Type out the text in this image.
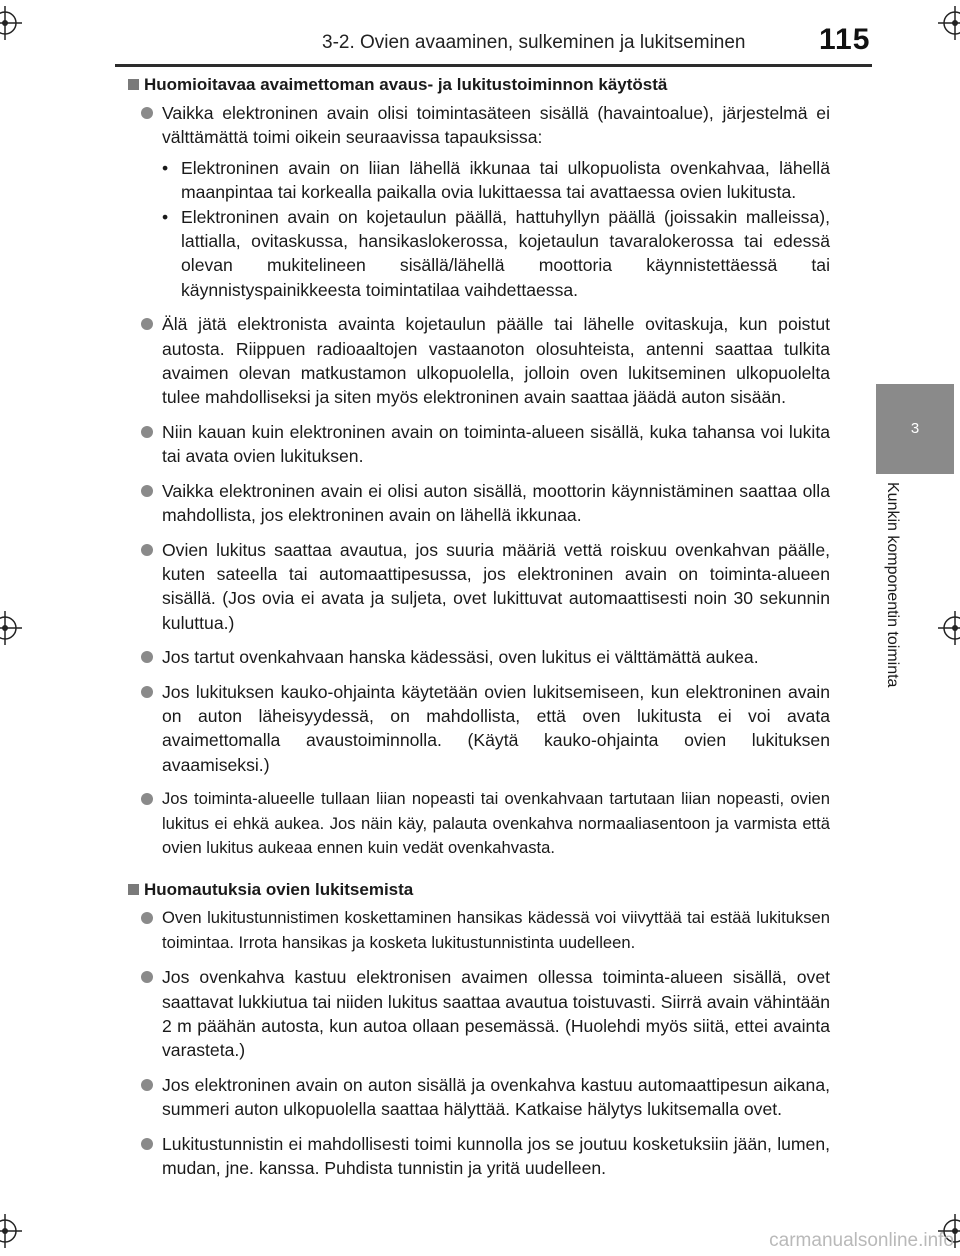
3-2. Ovien avaaminen, sulkeminen ja lukitseminen 115
3
Kunkin komponentin toiminta
Huomioitavaa avaimettoman avaus- ja lukitustoiminnon käytöstä
Vaikka elektroninen avain olisi toimintasäteen sisällä (havaintoalue), järjestelmä ei välttämättä toimi oikein seuraavissa tapauksissa:
• Elektroninen avain on liian lähellä ikkunaa tai ulkopuolista ovenkahvaa, lähellä maanpintaa tai korkealla paikalla ovia lukittaessa tai avattaessa ovien lukitusta.
• Elektroninen avain on kojetaulun päällä, hattuhyllyn päällä (joissakin malleissa), lattialla, ovitaskussa, hansikaslokerossa, kojetaulun tavaralokerossa tai edessä olevan mukitelineen sisällä/lähellä moottoria käynnistettäessä tai käynnistyspainikkeesta toimintatilaa vaihdettaessa.
Älä jätä elektronista avainta kojetaulun päälle tai lähelle ovitaskuja, kun poistut autosta. Riippuen radioaaltojen vastaanoton olosuhteista, antenni saattaa tulkita avaimen olevan matkustamon ulkopuolella, jolloin oven lukitseminen ulkopuolelta tulee mahdolliseksi ja siten myös elektroninen avain saattaa jäädä auton sisään.
Niin kauan kuin elektroninen avain on toiminta-alueen sisällä, kuka tahansa voi lukita tai avata ovien lukituksen.
Vaikka elektroninen avain ei olisi auton sisällä, moottorin käynnistäminen saattaa olla mahdollista, jos elektroninen avain on lähellä ikkunaa.
Ovien lukitus saattaa avautua, jos suuria määriä vettä roiskuu ovenkahvan päälle, kuten sateella tai automaattipesussa, jos elektroninen avain on toiminta-alueen sisällä. (Jos ovia ei avata ja suljeta, ovet lukittuvat automaattisesti noin 30 sekunnin kuluttua.)
Jos tartut ovenkahvaan hanska kädessäsi, oven lukitus ei välttämättä aukea.
Jos lukituksen kauko-ohjainta käytetään ovien lukitsemiseen, kun elektroninen avain on auton läheisyydessä, on mahdollista, että oven lukitusta ei voi avata avaimettomalla avaustoiminnolla. (Käytä kauko-ohjainta ovien lukituksen avaamiseksi.)
Jos toiminta-alueelle tullaan liian nopeasti tai ovenkahvaan tartutaan liian nopeasti, ovien lukitus ei ehkä aukea. Jos näin käy, palauta ovenkahva normaaliasentoon ja varmista että ovien lukitus aukeaa ennen kuin vedät ovenkahvasta.
Huomautuksia ovien lukitsemista
Oven lukitustunnistimen koskettaminen hansikas kädessä voi viivyttää tai estää lukituksen toimintaa. Irrota hansikas ja kosketa lukitustunnistinta uudelleen.
Jos ovenkahva kastuu elektronisen avaimen ollessa toiminta-alueen sisällä, ovet saattavat lukkiutua tai niiden lukitus saattaa avautua toistuvasti. Siirrä avain vähintään 2 m päähän autosta, kun autoa ollaan pesemässä. (Huolehdi myös siitä, ettei avainta varasteta.)
Jos elektroninen avain on auton sisällä ja ovenkahva kastuu automaattipesun aikana, summeri auton ulkopuolella saattaa hälyttää. Katkaise hälytys lukitsemalla ovet.
Lukitustunnistin ei mahdollisesti toimi kunnolla jos se joutuu kosketuksiin jään, lumen, mudan, jne. kanssa. Puhdista tunnistin ja yritä uudelleen.
carmanualsonline.info
